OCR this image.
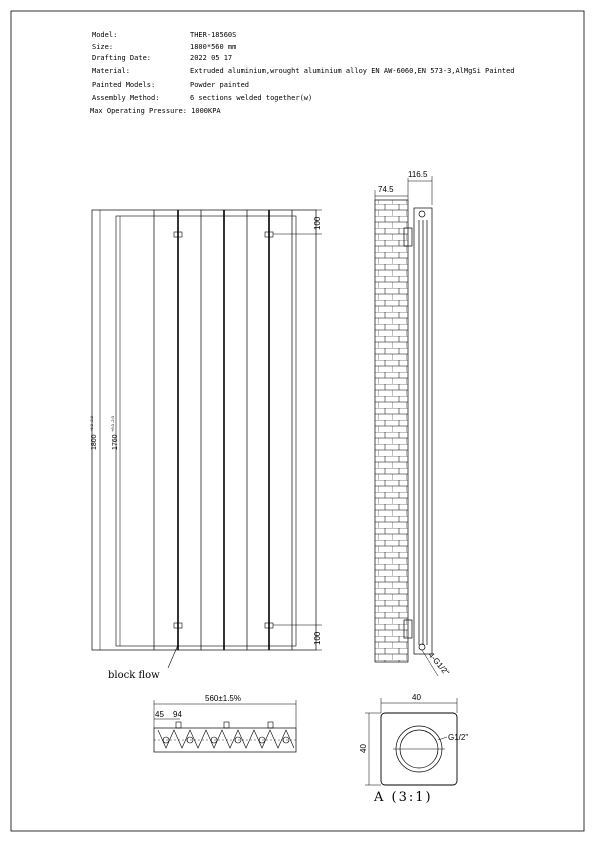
Model:	THER-18560S
Size:	1800*560 mm
Drafting Date:	2022 05 17
Material:	Extruded aluminium,wrought aluminium alloy EN AW-6060,EN 573-3,AlMgSi Painted
Painted Models:	Powder painted
Assembly Method:	6 sections welded together(w)
Max Operating Pressure: 1000KPA
100
100
1800
+6.0 -2.0
1760
+6.0 -2.0
block flow
116.5
74.5
4-G1/2"
560±1.5%
45 94
40
40
G1/2"
A (3:1)
